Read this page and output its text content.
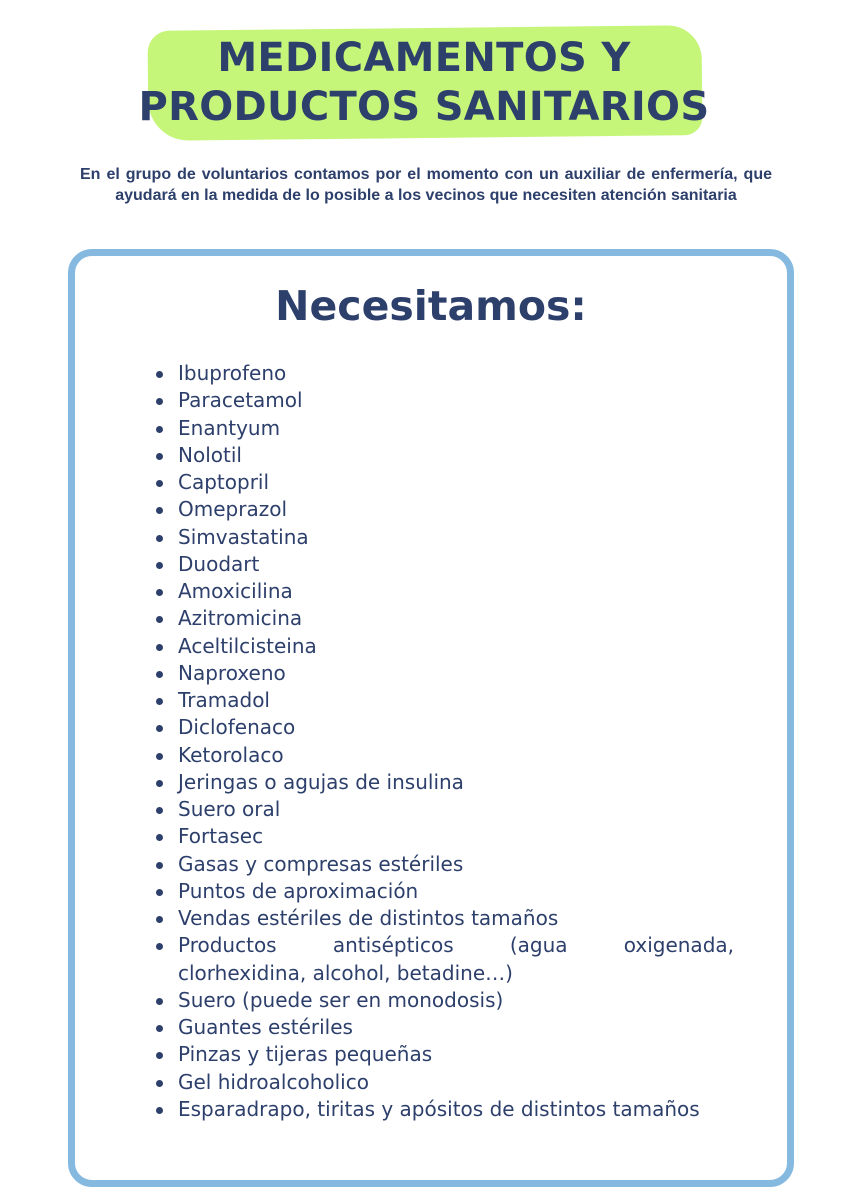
MEDICAMENTOS Y
PRODUCTOS SANITARIOS

En el grupo de voluntarios contamos por el momento con un auxiliar de enfermería, que ayudará en la medida de lo posible a los vecinos que necesiten atención sanitaria

Necesitamos:
Ibuprofeno
Paracetamol
Enantyum
Nolotil
Captopril
Omeprazol
Simvastatina
Duodart
Amoxicilina
Azitromicina
Aceltilcisteina
Naproxeno
Tramadol
Diclofenaco
Ketorolaco
Jeringas o agujas de insulina
Suero oral
Fortasec
Gasas y compresas estériles
Puntos de aproximación
Vendas estériles de distintos tamaños
Productos antisépticos (agua oxigenada,
clorhexidina, alcohol, betadine…)
Suero (puede ser en monodosis)
Guantes estériles
Pinzas y tijeras pequeñas
Gel hidroalcoholico
Esparadrapo, tiritas y apósitos de distintos tamaños
